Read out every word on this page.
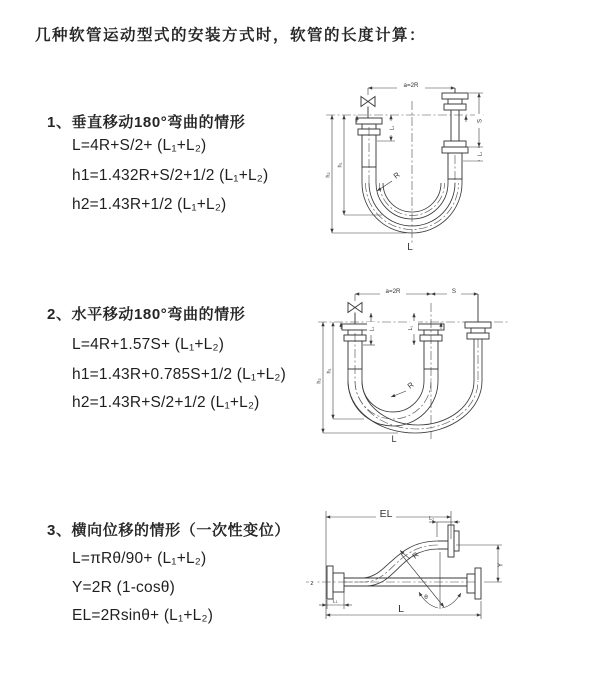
几种软管运动型式的安装方式时，软管的长度计算：
1、垂直移动180°弯曲的情形
L=4R+S/2+ (L₁+L₂)
h1=1.432R+S/2+1/2 (L₁+L₂)
h2=1.43R+1/2 (L₁+L₂)
2、水平移动180°弯曲的情形
L=4R+1.57S+ (L₁+L₂)
h1=1.43R+0.785S+1/2 (L₁+L₂)
h2=1.43R+S/2+1/2 (L₁+L₂)
3、横向位移的情形（一次性变位）
L=πRθ/90+ (L₁+L₂)
Y=2R (1-cosθ)
EL=2Rsinθ+ (L₁+L₂)
a=2R
S
L₁
L₁
h₁
h₂	R
L
a=2R	S
L₁	L₁
h₁
h₂	R
L
EL	L₁
Y
R
θ
L
L₁
z
